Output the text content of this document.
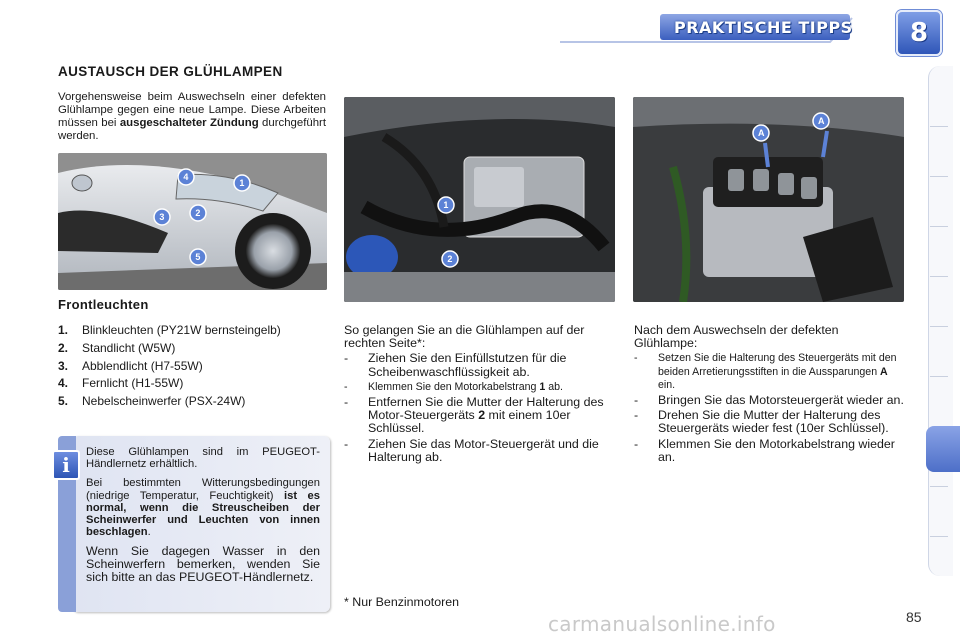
PRAKTISCHE TIPPS	8
AUSTAUSCH DER GLÜHLAMPEN
Vorgehensweise beim Auswechseln einer defekten Glühlampe gegen eine neue Lampe. Diese Arbeiten müssen bei ausgeschalteter Zündung durchgeführt werden.
4
1
2
3
5
Frontleuchten
1.	Blinkleuchten (PY21W bernsteingelb)
2.	Standlicht (W5W)
3.	Abblendlicht (H7-55W)
4.	Fernlicht (H1-55W)
5.	Nebelscheinwerfer (PSX-24W)
i

Diese Glühlampen sind im PEUGEOT-Händlernetz erhältlich.

Bei bestimmten Witterungsbedingungen (niedrige Temperatur, Feuchtigkeit) ist es normal, wenn die Streuscheiben der Scheinwerfer und Leuchten von innen beschlagen.

Wenn Sie dagegen Wasser in den Scheinwerfern bemerken, wenden Sie sich bitte an das PEUGEOT-Händlernetz.

1
2
A
A

So gelangen Sie an die Glühlampen auf der rechten Seite*:

- Ziehen Sie den Einfüllstutzen für die Scheibenwaschflüssigkeit ab.
- Klemmen Sie den Motorkabelstrang 1 ab.
- Entfernen Sie die Mutter der Halterung des Motor-Steuergeräts 2 mit einem 10er Schlüssel.
- Ziehen Sie das Motor-Steuergerät und die Halterung ab.

Nach dem Auswechseln der defekten Glühlampe:

- Setzen Sie die Halterung des Steuergeräts mit den beiden Arretierungsstiften in die Aussparungen A ein.
- Bringen Sie das Motorsteuergerät wieder an.
- Drehen Sie die Mutter der Halterung des Steuergeräts wieder fest (10er Schlüssel).
- Klemmen Sie den Motorkabelstrang wieder an.
* Nur Benzinmotoren
carmanualsonline.info	85
